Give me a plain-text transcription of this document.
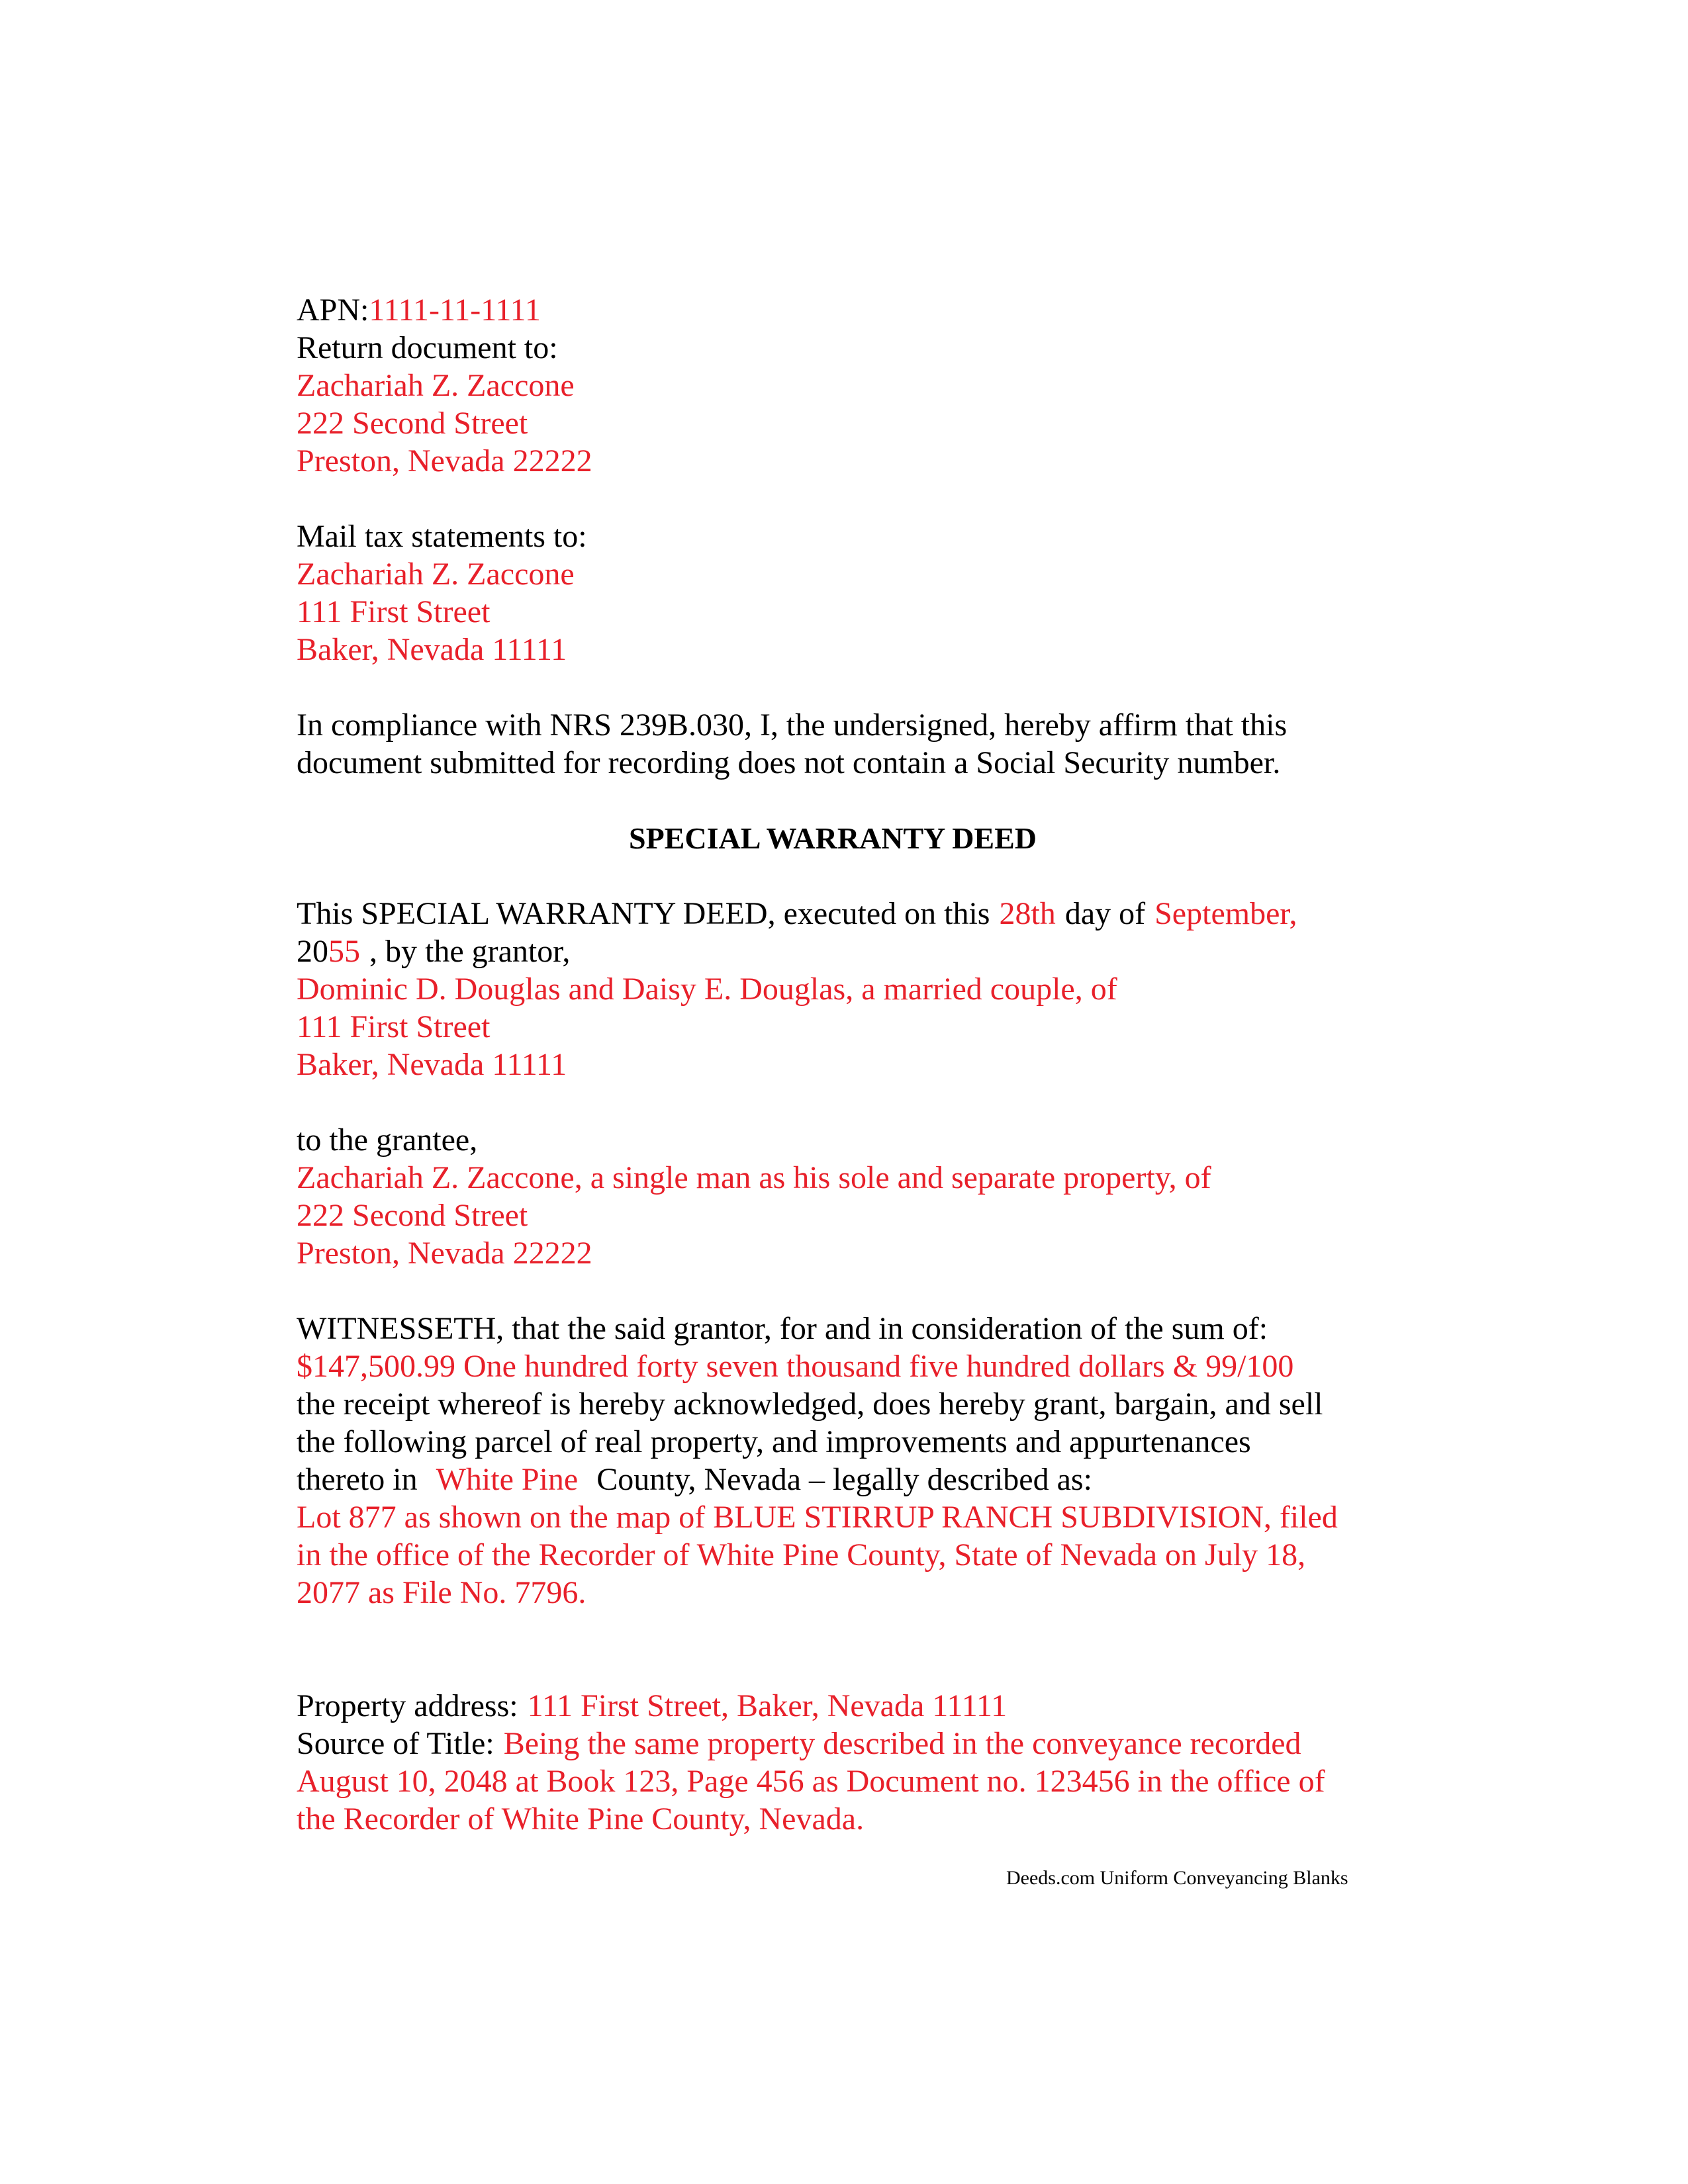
APN:1111-11-1111
Return document to:
Zachariah Z. Zaccone
222 Second Street
Preston, Nevada 22222
Mail tax statements to:
Zachariah Z. Zaccone
111 First Street
Baker, Nevada 11111
In compliance with NRS 239B.030, I, the undersigned, hereby affirm that this
document submitted for recording does not contain a Social Security number.
SPECIAL WARRANTY DEED
This SPECIAL WARRANTY DEED, executed on this 28th day of September,
2055 , by the grantor,
Dominic D. Douglas and Daisy E. Douglas, a married couple, of
111 First Street
Baker, Nevada 11111
to the grantee,
Zachariah Z. Zaccone, a single man as his sole and separate property, of
222 Second Street
Preston, Nevada 22222
WITNESSETH, that the said grantor, for and in consideration of the sum of:
$147,500.99 One hundred forty seven thousand five hundred dollars & 99/100
the receipt whereof is hereby acknowledged, does hereby grant, bargain, and sell
the following parcel of real property, and improvements and appurtenances
thereto in White Pine County, Nevada – legally described as:
Lot 877 as shown on the map of BLUE STIRRUP RANCH SUBDIVISION, filed
in the office of the Recorder of White Pine County, State of Nevada on July 18,
2077 as File No. 7796.
Property address: 111 First Street, Baker, Nevada 11111
Source of Title: Being the same property described in the conveyance recorded
August 10, 2048 at Book 123, Page 456 as Document no. 123456 in the office of
the Recorder of White Pine County, Nevada.
Deeds.com Uniform Conveyancing Blanks
